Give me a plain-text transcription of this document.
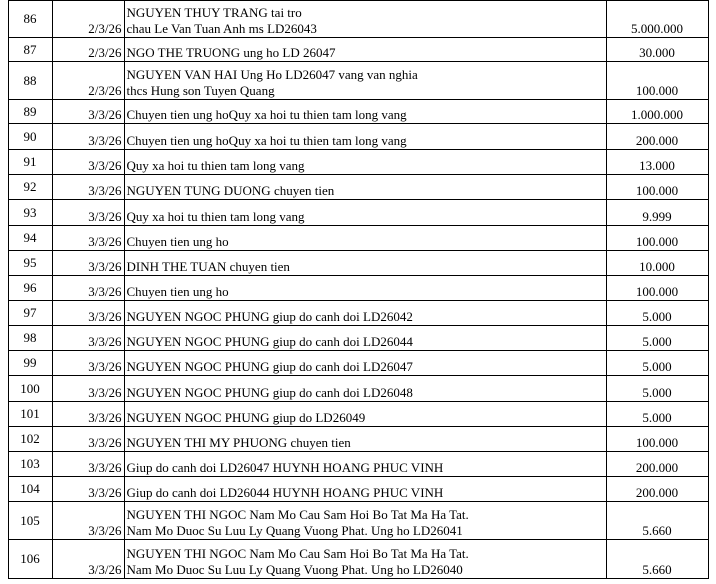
	86	2/3/26	NGUYEN THUY TRANG tai tro
chau Le Van Tuan Anh ms LD26043	5.000.000	
	87	2/3/26	NGO THE TRUONG ung ho LD 26047	30.000	
	88	2/3/26	NGUYEN VAN HAI Ung Ho LD26047 vang van nghia
thcs Hung son Tuyen Quang	100.000	
	89	3/3/26	Chuyen tien ung hoQuy xa hoi tu thien tam long vang	1.000.000	
	90	3/3/26	Chuyen tien ung hoQuy xa hoi tu thien tam long vang	200.000	
	91	3/3/26	Quy xa hoi tu thien tam long vang	13.000	
	92	3/3/26	NGUYEN TUNG DUONG chuyen tien	100.000	
	93	3/3/26	Quy xa hoi tu thien tam long vang	9.999	
	94	3/3/26	Chuyen tien ung ho	100.000	
	95	3/3/26	DINH THE TUAN chuyen tien	10.000	
	96	3/3/26	Chuyen tien ung ho	100.000	
	97	3/3/26	NGUYEN NGOC PHUNG giup do canh doi LD26042	5.000	
	98	3/3/26	NGUYEN NGOC PHUNG giup do canh doi LD26044	5.000	
	99	3/3/26	NGUYEN NGOC PHUNG giup do canh doi LD26047	5.000	
	100	3/3/26	NGUYEN NGOC PHUNG giup do canh doi LD26048	5.000	
	101	3/3/26	NGUYEN NGOC PHUNG giup do LD26049	5.000	
	102	3/3/26	NGUYEN THI MY PHUONG chuyen tien	100.000	
	103	3/3/26	Giup do canh doi LD26047 HUYNH HOANG PHUC VINH	200.000	
	104	3/3/26	Giup do canh doi LD26044 HUYNH HOANG PHUC VINH	200.000	
	105	3/3/26	NGUYEN THI NGOC Nam Mo Cau Sam Hoi Bo Tat Ma Ha Tat.
Nam Mo Duoc Su Luu Ly Quang Vuong Phat. Ung ho LD26041	5.660	
	106	3/3/26	NGUYEN THI NGOC Nam Mo Cau Sam Hoi Bo Tat Ma Ha Tat.
Nam Mo Duoc Su Luu Ly Quang Vuong Phat. Ung ho LD26040	5.660	
